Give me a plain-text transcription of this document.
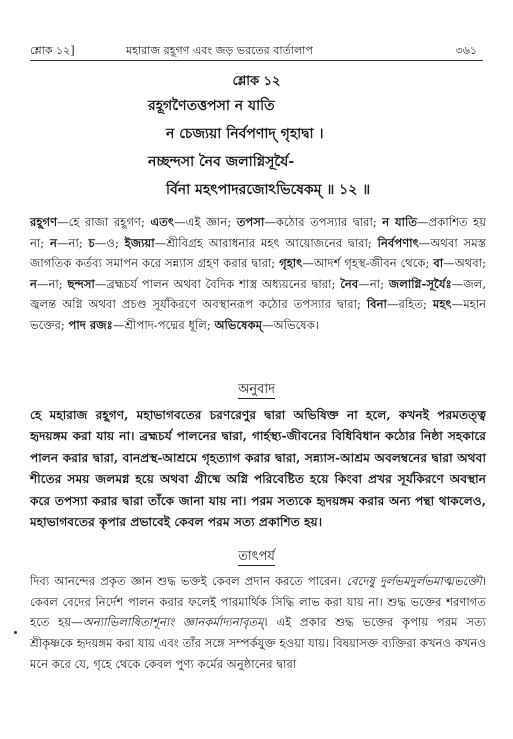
শ্লোক ১২]	মহারাজ রহূগণ এবং জড় ভরতের বার্তালাপ	৩৬১
শ্লোক ১২
রহূগণৈতত্তপসা ন যাতি
ন চেজ্যয়া নির্বপণাদ্ গৃহাদ্বা ।
নচ্ছন্দসা নৈব জলাগ্নিসূর্যৈ-
র্বিনা মহৎপাদরজোঽভিষেকম্ ॥ ১২ ॥
রহূগণ—হে রাজা রহূগণ; এতৎ—এই জ্ঞান; তপসা—কঠোর তপস্যার দ্বারা; ন যাতি—প্রকাশিত হয় না; ন—না; চ—ও; ইজ্যয়া—শ্রীবিগ্রহ আরাধনার মহৎ আয়োজনের দ্বারা; নির্বপণাৎ—অথবা সমস্ত জাগতিক কর্তব্য সমাপন করে সন্ন্যাস গ্রহণ করার দ্বারা; গৃহাৎ—আদর্শ গৃহস্থ-জীবন থেকে; বা—অথবা; ন—না; ছন্দসা—ব্রহ্মচর্য পালন অথবা বৈদিক শাস্ত্র অধ্যয়নের দ্বারা; নৈব—না; জলাগ্নি-সূর্যৈঃ—জল, জ্বলন্ত অগ্নি অথবা প্রচণ্ড সূর্যকিরণে অবস্থানরূপ কঠোর তপস্যার দ্বারা; বিনা—রহিত; মহৎ—মহান ভক্তের; পাদ রজঃ—শ্রীপাদ-পদ্মের ধূলি; অভিষেকম্—অভিষেক।
অনুবাদ
হে মহারাজ রহূগণ, মহাভাগবতের চরণরেণুর দ্বারা অভিষিক্ত না হলে, কখনই পরমতত্ত্ব হৃদয়ঙ্গম করা যায় না। ব্রহ্মচর্য পালনের দ্বারা, গার্হস্থ্য-জীবনের বিধিবিধান কঠোর নিষ্ঠা সহকারে পালন করার দ্বারা, বানপ্রস্থ-আশ্রমে গৃহত্যাগ করার দ্বারা, সন্ন্যাস-আশ্রম অবলম্বনের দ্বারা অথবা শীতের সময় জলমগ্ন হয়ে অথবা গ্রীষ্মে অগ্নি পরিবেষ্টিত হয়ে কিংবা প্রখর সূর্যকিরণে অবস্থান করে তপস্যা করার দ্বারা তাঁকে জানা যায় না। পরম সত্যকে হৃদয়ঙ্গম করার অন্য পন্থা থাকলেও, মহাভাগবতের কৃপার প্রভাবেই কেবল পরম সত্য প্রকাশিত হয়।
তাৎপর্য
দিব্য আনন্দের প্রকৃত জ্ঞান শুদ্ধ ভক্তই কেবল প্রদান করতে পারেন। বেদেষু দুর্লভমদুর্লভমাত্মভক্তৌ। কেবল বেদের নির্দেশ পালন করার ফলেই পারমার্থিক সিদ্ধি লাভ করা যায় না। শুদ্ধ ভক্তের শরণাগত হতে হয়—অন্যাভিলাষিতাশূন্যং জ্ঞানকর্মাদ্যনাবৃতম্। এই প্রকার শুদ্ধ ভক্তের কৃপায় পরম সত্য শ্রীকৃষ্ণকে হৃদয়ঙ্গম করা যায় এবং তাঁর সঙ্গে সম্পর্কযুক্ত হওয়া যায়। বিষয়াসক্ত ব্যক্তিরা কখনও কখনও মনে করে যে, গৃহে থেকে কেবল পুণ্য কর্মের অনুষ্ঠানের দ্বারা
